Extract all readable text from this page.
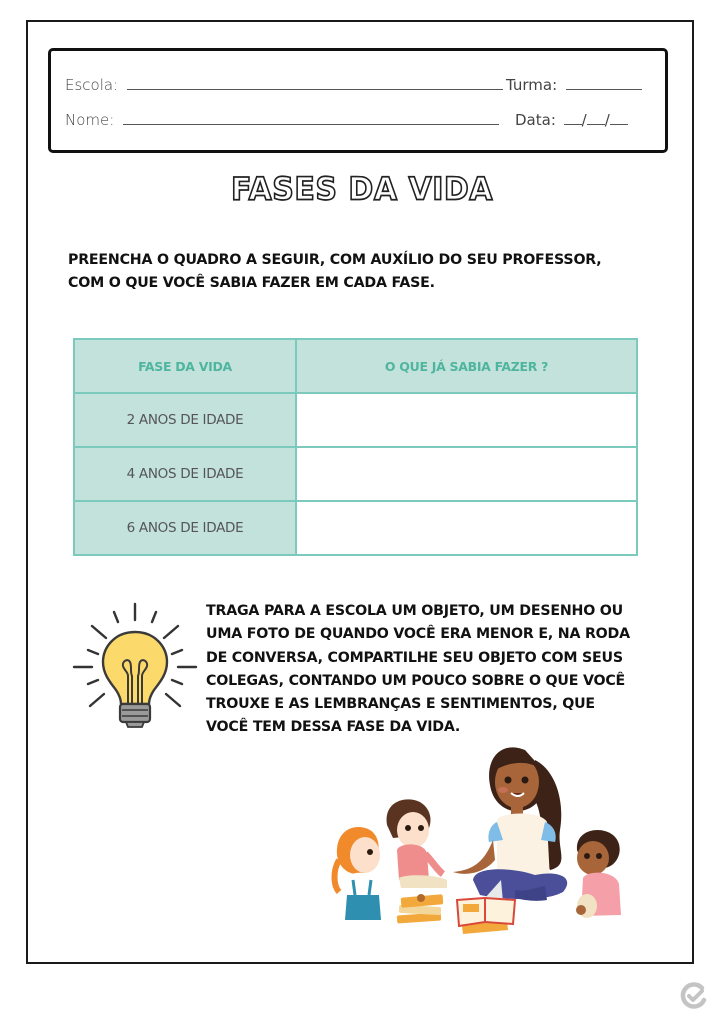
Escola:	Turma:
Nome:	Data: / /
FASES DA VIDA
PREENCHA O QUADRO A SEGUIR, COM AUXÍLIO DO SEU PROFESSOR,
COM O QUE VOCÊ SABIA FAZER EM CADA FASE.
FASE DA VIDA	O QUE JÁ SABIA FAZER ?
2 ANOS DE IDADE	
4 ANOS DE IDADE	
6 ANOS DE IDADE	
TRAGA PARA A ESCOLA UM OBJETO, UM DESENHO OU
UMA FOTO DE QUANDO VOCÊ ERA MENOR E, NA RODA
DE CONVERSA, COMPARTILHE SEU OBJETO COM SEUS
COLEGAS, CONTANDO UM POUCO SOBRE O QUE VOCÊ
TROUXE E AS LEMBRANÇAS E SENTIMENTOS, QUE
VOCÊ TEM DESSA FASE DA VIDA.
